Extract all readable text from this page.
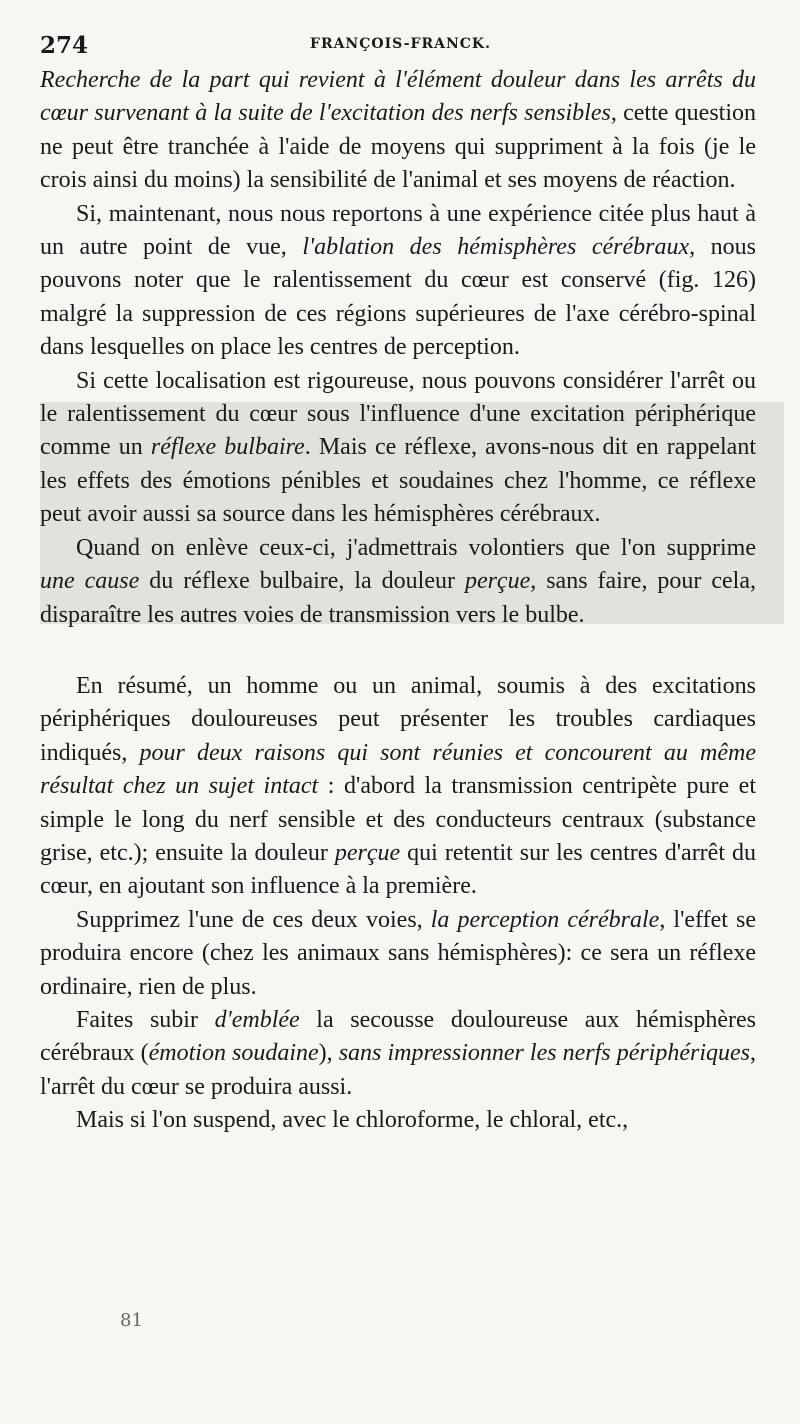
274	FRANÇOIS-FRANCK.

Recherche de la part qui revient à l'élément douleur dans les arrêts du cœur survenant à la suite de l'excitation des nerfs sensibles, cette question ne peut être tranchée à l'aide de moyens qui suppriment à la fois (je le crois ainsi du moins) la sensibilité de l'animal et ses moyens de réaction.

Si, maintenant, nous nous reportons à une expérience citée plus haut à un autre point de vue, l'ablation des hémisphères cérébraux, nous pouvons noter que le ralentissement du cœur est conservé (fig. 126) malgré la suppression de ces régions supérieures de l'axe cérébro-spinal dans lesquelles on place les centres de perception.

Si cette localisation est rigoureuse, nous pouvons considérer l'arrêt ou le ralentissement du cœur sous l'influence d'une excitation périphérique comme un réflexe bulbaire. Mais ce réflexe, avons-nous dit en rappelant les effets des émotions pénibles et soudaines chez l'homme, ce réflexe peut avoir aussi sa source dans les hémisphères cérébraux.

Quand on enlève ceux-ci, j'admettrais volontiers que l'on supprime une cause du réflexe bulbaire, la douleur perçue, sans faire, pour cela, disparaître les autres voies de transmission vers le bulbe.

En résumé, un homme ou un animal, soumis à des excitations périphériques douloureuses peut présenter les troubles cardiaques indiqués, pour deux raisons qui sont réunies et concourent au même résultat chez un sujet intact : d'abord la transmission centripète pure et simple le long du nerf sensible et des conducteurs centraux (substance grise, etc.); ensuite la douleur perçue qui retentit sur les centres d'arrêt du cœur, en ajoutant son influence à la première.

Supprimez l'une de ces deux voies, la perception cérébrale, l'effet se produira encore (chez les animaux sans hémisphères): ce sera un réflexe ordinaire, rien de plus.

Faites subir d'emblée la secousse douloureuse aux hémisphères cérébraux (émotion soudaine), sans impressionner les nerfs périphériques, l'arrêt du cœur se produira aussi.

Mais si l'on suspend, avec le chloroforme, le chloral, etc.,

81
